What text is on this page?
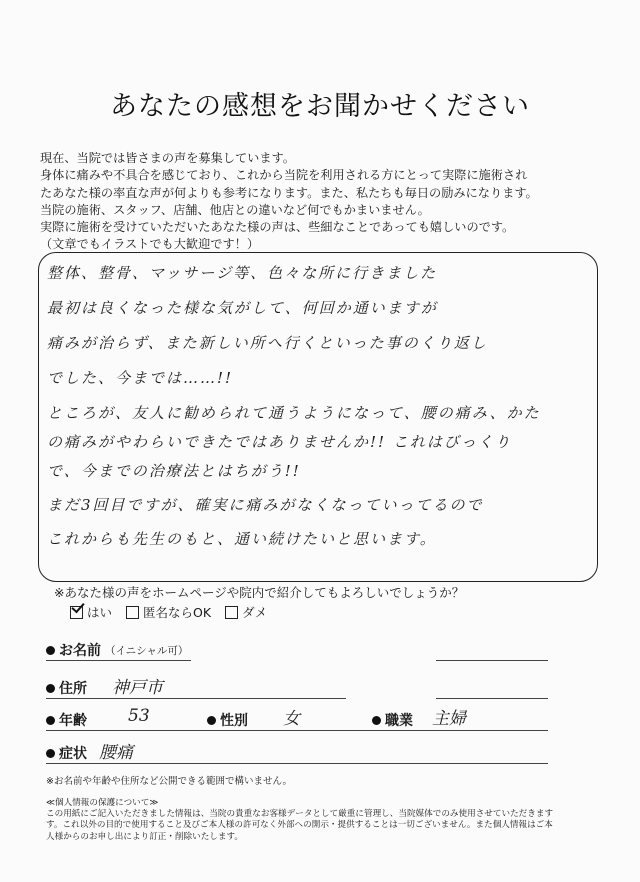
あなたの感想をお聞かせください
現在、当院では皆さまの声を募集しています。
身体に痛みや不具合を感じており、これから当院を利用される方にとって実際に施術され
たあなた様の率直な声が何よりも参考になります。また、私たちも毎日の励みになります。
当院の施術、スタッフ、店舗、他店との違いなど何でもかまいません。
実際に施術を受けていただいたあなた様の声は、些細なことであっても嬉しいのです。
（文章でもイラストでも大歓迎です！）
整体、整骨、マッサージ等、色々な所に行きました
最初は良くなった様な気がして、何回か通いますが
痛みが治らず、また新しい所へ行くといった事のくり返し
でした、今までは……!!
ところが、友人に勧められて通うようになって、腰の痛み、かた
の痛みがやわらいできたではありませんか!! これはびっくり
で、今までの治療法とはちがう!!
まだ3回目ですが、確実に痛みがなくなっていってるので
これからも先生のもと、通い続けたいと思います。
※あなた様の声をホームページや院内で紹介してもよろしいでしょうか？
はい 匿名ならOK ダメ
お名前 （イニシャル可）
住所 神戸市
年齢 53	性別 女	職業 主婦
症状 腰痛
※お名前や年齢や住所など公開できる範囲で構いません。
≪個人情報の保護について≫
この用紙にご記入いただきました情報は、当院の貴重なお客様データとして厳重に管理し、当院媒体でのみ使用させていただきます
す。これ以外の目的で使用すること及びご本人様の許可なく外部への開示・提供することは一切ございません。また個人情報はご本
人様からのお申し出により訂正・削除いたします。
